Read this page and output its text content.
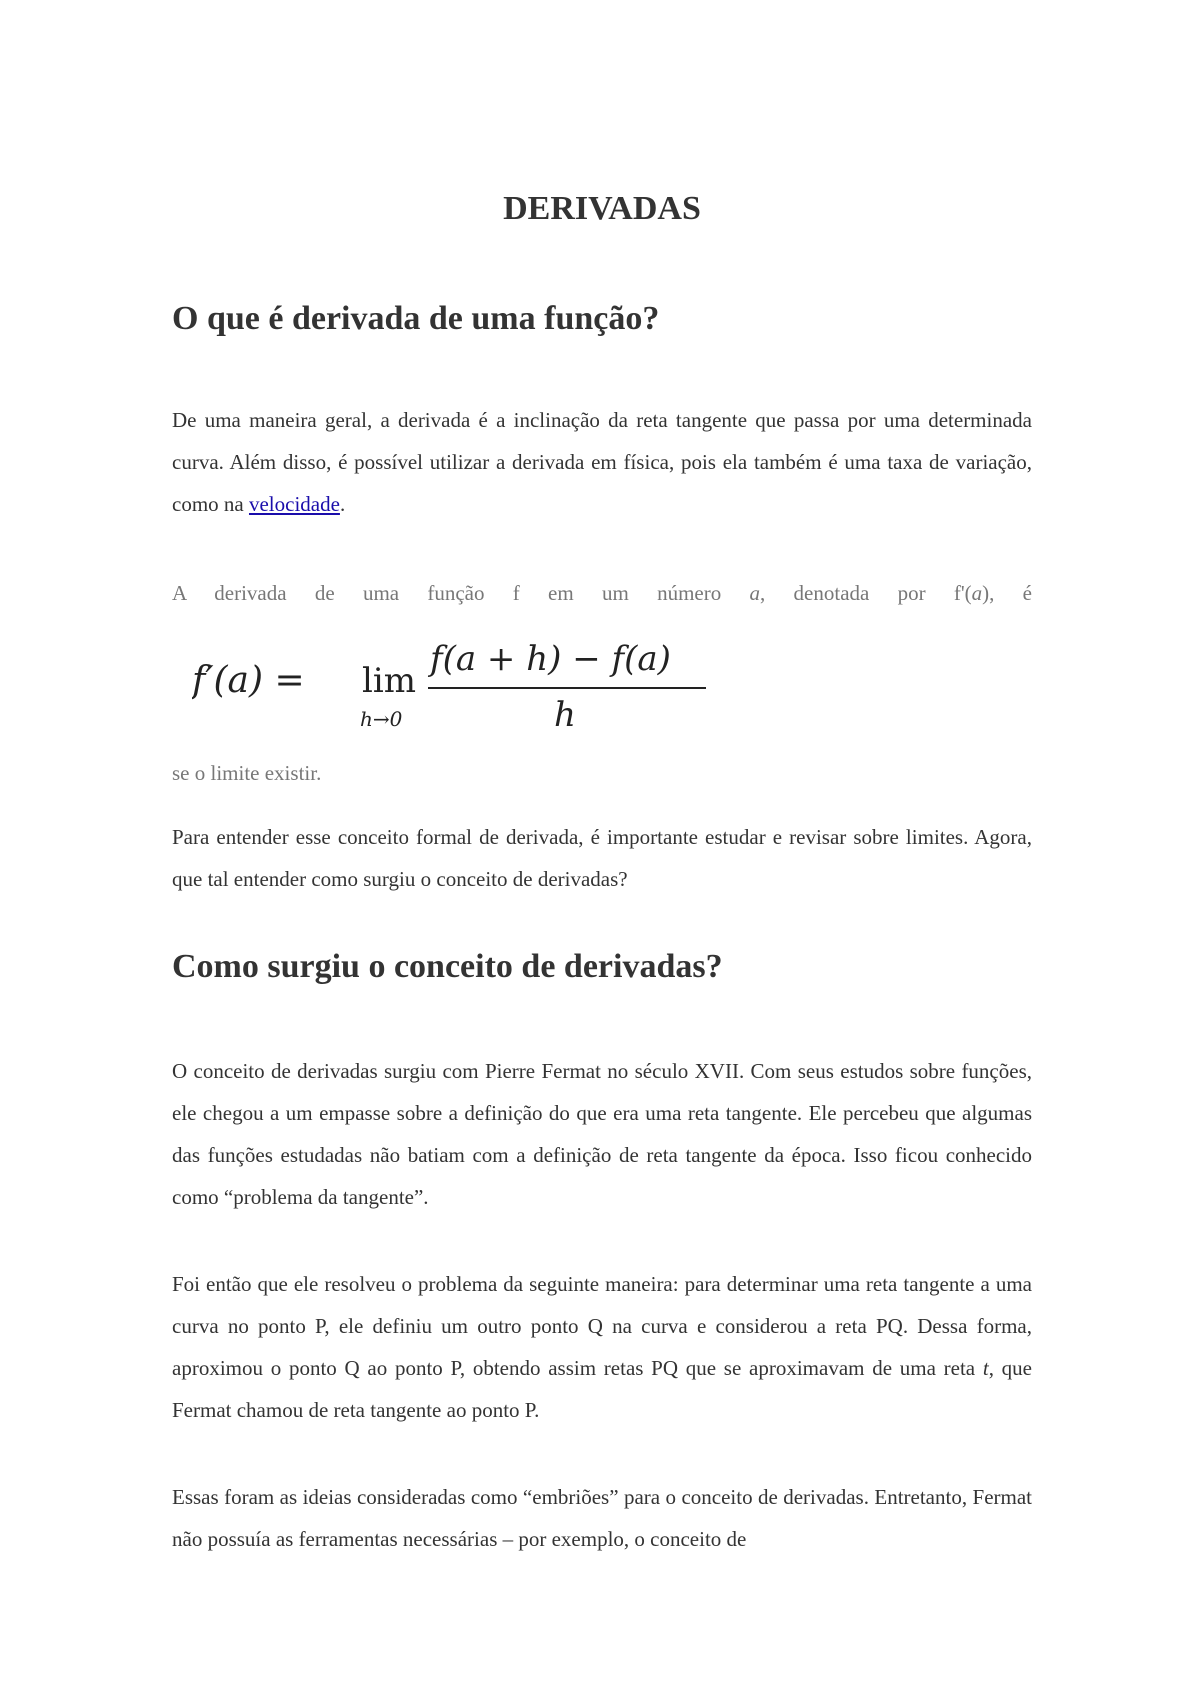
DERIVADAS
O que é derivada de uma função?

De uma maneira geral, a derivada é a inclinação da reta tangente que passa por uma determinada curva. Além disso, é possível utilizar a derivada em física, pois ela também é uma taxa de variação, como na velocidade.

A derivada de uma função f em um número a, denotada por f'(a), é

f′(a) = lim
h→0
f(a + h) − f(a)
h

se o limite existir.

Para entender esse conceito formal de derivada, é importante estudar e revisar sobre limites. Agora, que tal entender como surgiu o conceito de derivadas?

Como surgiu o conceito de derivadas?

O conceito de derivadas surgiu com Pierre Fermat no século XVII. Com seus estudos sobre funções, ele chegou a um empasse sobre a definição do que era uma reta tangente. Ele percebeu que algumas das funções estudadas não batiam com a definição de reta tangente da época. Isso ficou conhecido como “problema da tangente”.

Foi então que ele resolveu o problema da seguinte maneira: para determinar uma reta tangente a uma curva no ponto P, ele definiu um outro ponto Q na curva e considerou a reta PQ. Dessa forma, aproximou o ponto Q ao ponto P, obtendo assim retas PQ que se aproximavam de uma reta t, que Fermat chamou de reta tangente ao ponto P.

Essas foram as ideias consideradas como “embriões” para o conceito de derivadas. Entretanto, Fermat não possuía as ferramentas necessárias – por exemplo, o conceito de
